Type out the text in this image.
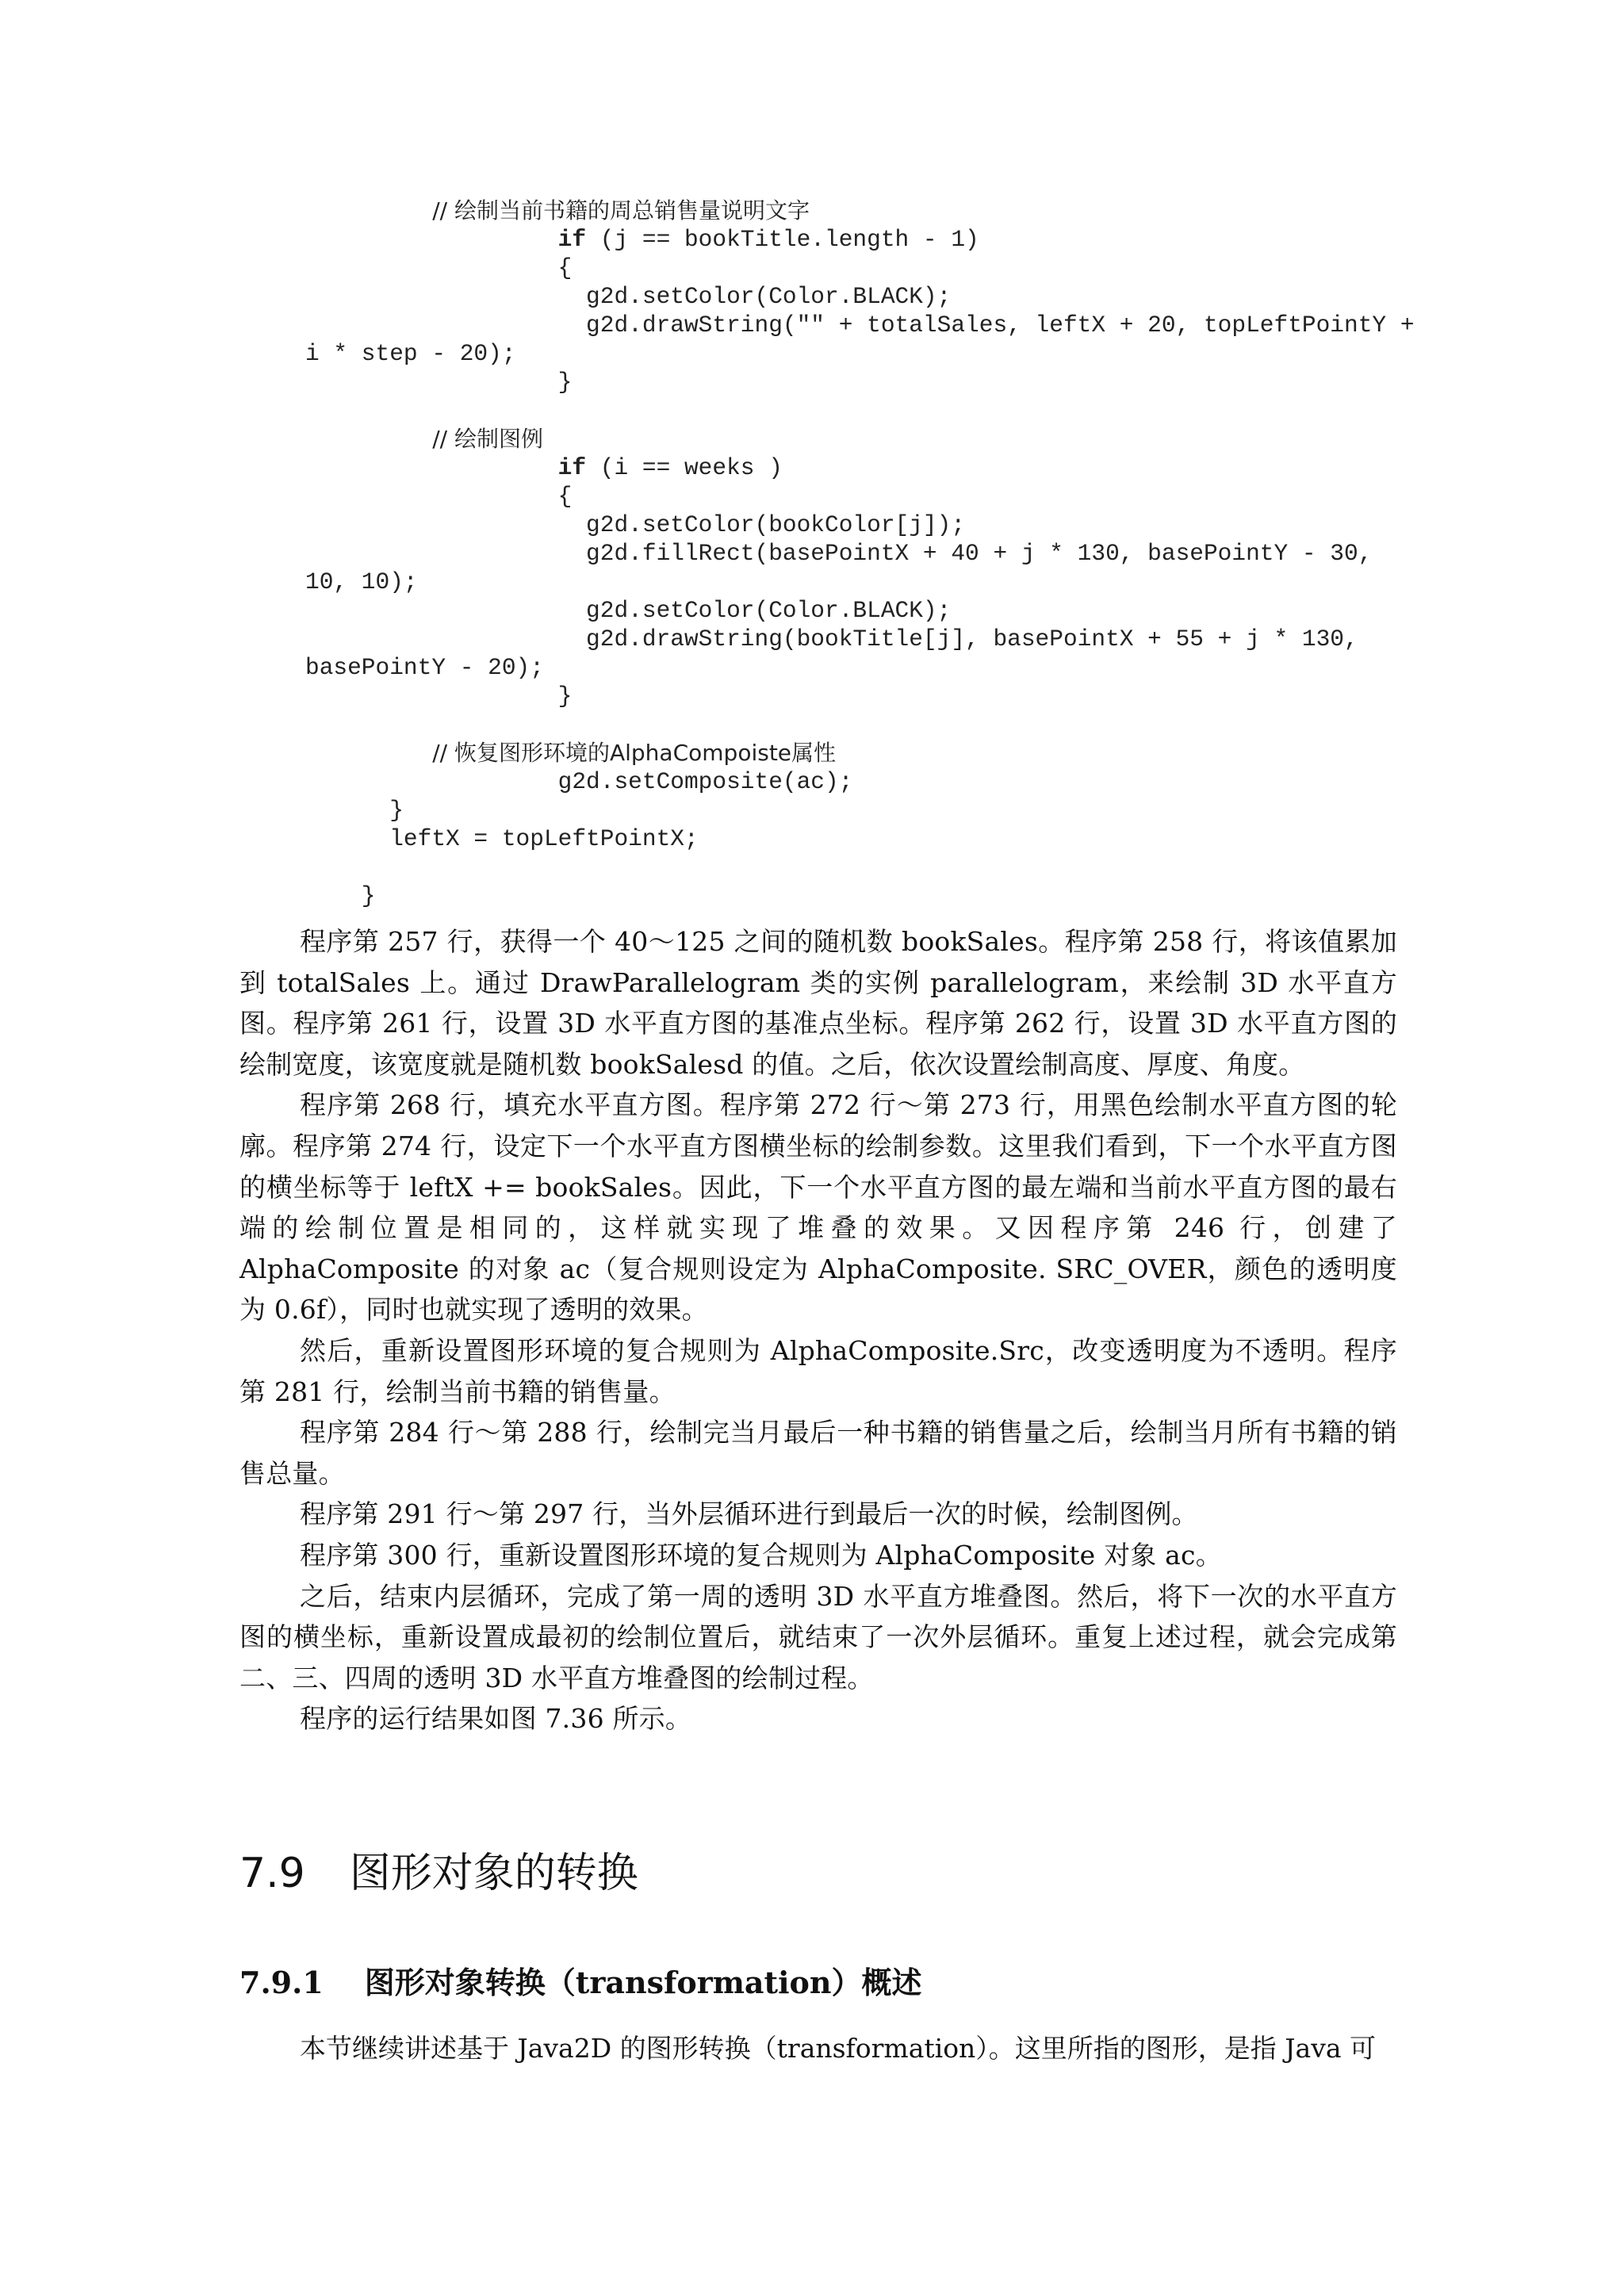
// 绘制当前书籍的周总销售量说明文字
if (j == bookTitle.length - 1)
{
g2d.setColor(Color.BLACK);
g2d.drawString("" + totalSales, leftX + 20, topLeftPointY +
i * step - 20);
}
// 绘制图例
if (i == weeks )
{
g2d.setColor(bookColor[j]);
g2d.fillRect(basePointX + 40 + j * 130, basePointY - 30,
10, 10);
g2d.setColor(Color.BLACK);
g2d.drawString(bookTitle[j], basePointX + 55 + j * 130,
basePointY - 20);
}
// 恢复图形环境的AlphaCompoiste属性
g2d.setComposite(ac);
}
leftX = topLeftPointX;
}

程序第 257 行，获得一个 40～125 之间的随机数 bookSales。程序第 258 行，将该值累加到 totalSales 上。通过 DrawParallelogram 类的实例 parallelogram，来绘制 3D 水平直方图。程序第 261 行，设置 3D 水平直方图的基准点坐标。程序第 262 行，设置 3D 水平直方图的绘制宽度，该宽度就是随机数 bookSalesd 的值。之后，依次设置绘制高度、厚度、角度。

程序第 268 行，填充水平直方图。程序第 272 行～第 273 行，用黑色绘制水平直方图的轮廓。程序第 274 行，设定下一个水平直方图横坐标的绘制参数。这里我们看到，下一个水平直方图的横坐标等于 leftX += bookSales。因此，下一个水平直方图的最左端和当前水平直方图的最右端的绘制位置是相同的，这样就实现了堆叠的效果。又因程序第 246 行，创建了 AlphaComposite 的对象 ac（复合规则设定为 AlphaComposite. SRC_OVER，颜色的透明度为 0.6f），同时也就实现了透明的效果。

然后，重新设置图形环境的复合规则为 AlphaComposite.Src，改变透明度为不透明。程序第 281 行，绘制当前书籍的销售量。

程序第 284 行～第 288 行，绘制完当月最后一种书籍的销售量之后，绘制当月所有书籍的销售总量。

程序第 291 行～第 297 行，当外层循环进行到最后一次的时候，绘制图例。

程序第 300 行，重新设置图形环境的复合规则为 AlphaComposite 对象 ac。

之后，结束内层循环，完成了第一周的透明 3D 水平直方堆叠图。然后，将下一次的水平直方图的横坐标，重新设置成最初的绘制位置后，就结束了一次外层循环。重复上述过程，就会完成第二、三、四周的透明 3D 水平直方堆叠图的绘制过程。

程序的运行结果如图 7.36 所示。

7.9 图形对象的转换
7.9.1 图形对象转换（transformation）概述
本节继续讲述基于 Java2D 的图形转换（transformation）。这里所指的图形，是指 Java 可
